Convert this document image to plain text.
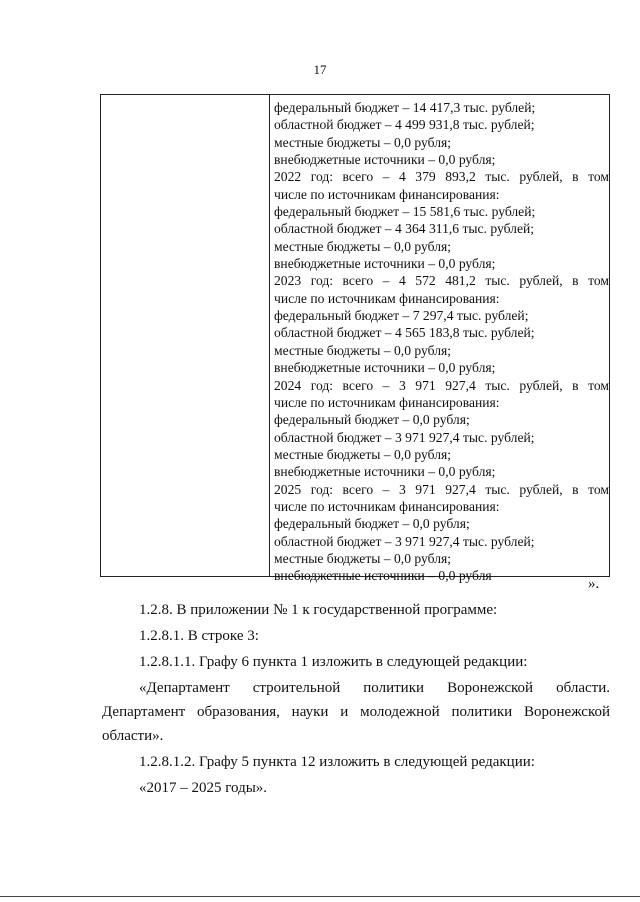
17
федеральный бюджет – 14 417,3 тыс. рублей;
областной бюджет – 4 499 931,8 тыс. рублей;
местные бюджеты – 0,0 рубля;
внебюджетные источники – 0,0 рубля;
2022 год: всего – 4 379 893,2 тыс. рублей, в том
числе по источникам финансирования:
федеральный бюджет – 15 581,6 тыс. рублей;
областной бюджет – 4 364 311,6 тыс. рублей;
местные бюджеты – 0,0 рубля;
внебюджетные источники – 0,0 рубля;
2023 год: всего – 4 572 481,2 тыс. рублей, в том
числе по источникам финансирования:
федеральный бюджет – 7 297,4 тыс. рублей;
областной бюджет – 4 565 183,8 тыс. рублей;
местные бюджеты – 0,0 рубля;
внебюджетные источники – 0,0 рубля;
2024 год: всего – 3 971 927,4 тыс. рублей, в том
числе по источникам финансирования:
федеральный бюджет – 0,0 рубля;
областной бюджет – 3 971 927,4 тыс. рублей;
местные бюджеты – 0,0 рубля;
внебюджетные источники – 0,0 рубля;
2025 год: всего – 3 971 927,4 тыс. рублей, в том
числе по источникам финансирования:
федеральный бюджет – 0,0 рубля;
областной бюджет – 3 971 927,4 тыс. рублей;
местные бюджеты – 0,0 рубля;
внебюджетные источники – 0,0 рубля
».
1.2.8. В приложении № 1 к государственной программе:
1.2.8.1. В строке 3:
1.2.8.1.1. Графу 6 пункта 1 изложить в следующей редакции:
«Департамент строительной политики Воронежской области.
Департамент образования, науки и молодежной политики Воронежской
области».
1.2.8.1.2. Графу 5 пункта 12 изложить в следующей редакции:
«2017 – 2025 годы».
